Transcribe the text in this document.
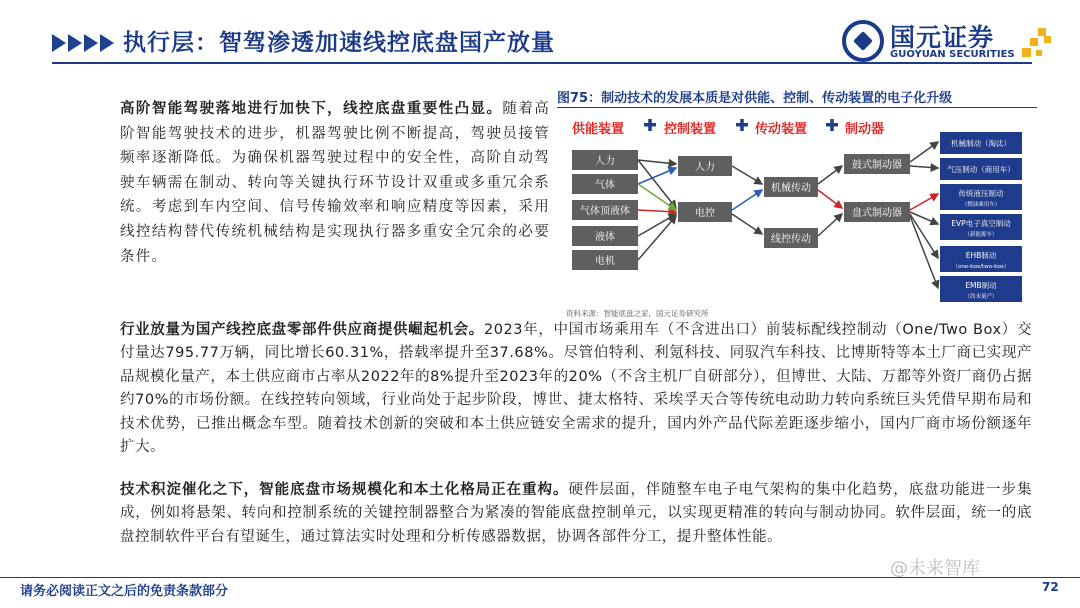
执行层：智驾渗透加速线控底盘国产放量	国元证券
GUOYUAN SECURITIES
高阶智能驾驶落地进行加快下，线控底盘重要性凸显。随着高阶智能驾驶技术的进步，机器驾驶比例不断提高，驾驶员接管频率逐渐降低。为确保机器驾驶过程中的安全性，高阶自动驾驶车辆需在制动、转向等关键执行环节设计双重或多重冗余系统。考虑到车内空间、信号传输效率和响应精度等因素，采用线控结构替代传统机械结构是实现执行器多重安全冗余的必要条件。
图75：制动技术的发展本质是对供能、控制、传动装置的电子化升级
供能装置	控制装置	传动装置	制动器
人力
气体
气体顶液体
液体
电机
人力
电控
机械传动
线控传动
鼓式制动器
盘式制动器
机械制动（淘汰）
气压制动（商用车）
传统液压制动
（燃油乘用车）
EVP电子真空制动
（新能源车）
EHB制动
（one-box/two-box）
EMB制动
（尚未量产）
资料来源：智能底盘之家，国元证券研究所
行业放量为国产线控底盘零部件供应商提供崛起机会。2023年，中国市场乘用车（不含进出口）前装标配线控制动（One/Two Box）交付量达795.77万辆，同比增长60.31%，搭载率提升至37.68%。尽管伯特利、利氪科技、同驭汽车科技、比博斯特等本土厂商已实现产品规模化量产，本土供应商市占率从2022年的8%提升至2023年的20%（不含主机厂自研部分），但博世、大陆、万都等外资厂商仍占据约70%的市场份额。在线控转向领域，行业尚处于起步阶段，博世、捷太格特、采埃孚天合等传统电动助力转向系统巨头凭借早期布局和技术优势，已推出概念车型。随着技术创新的突破和本土供应链安全需求的提升，国内外产品代际差距逐步缩小，国内厂商市场份额逐年扩大。
技术积淀催化之下，智能底盘市场规模化和本土化格局正在重构。硬件层面，伴随整车电子电气架构的集中化趋势，底盘功能进一步集成，例如将悬架、转向和控制系统的关键控制器整合为紧凑的智能底盘控制单元，以实现更精准的转向与制动协同。软件层面，统一的底盘控制软件平台有望诞生，通过算法实时处理和分析传感器数据，协调各部件分工，提升整体性能。
请务必阅读正文之后的免责条款部分
@未来智库
72
